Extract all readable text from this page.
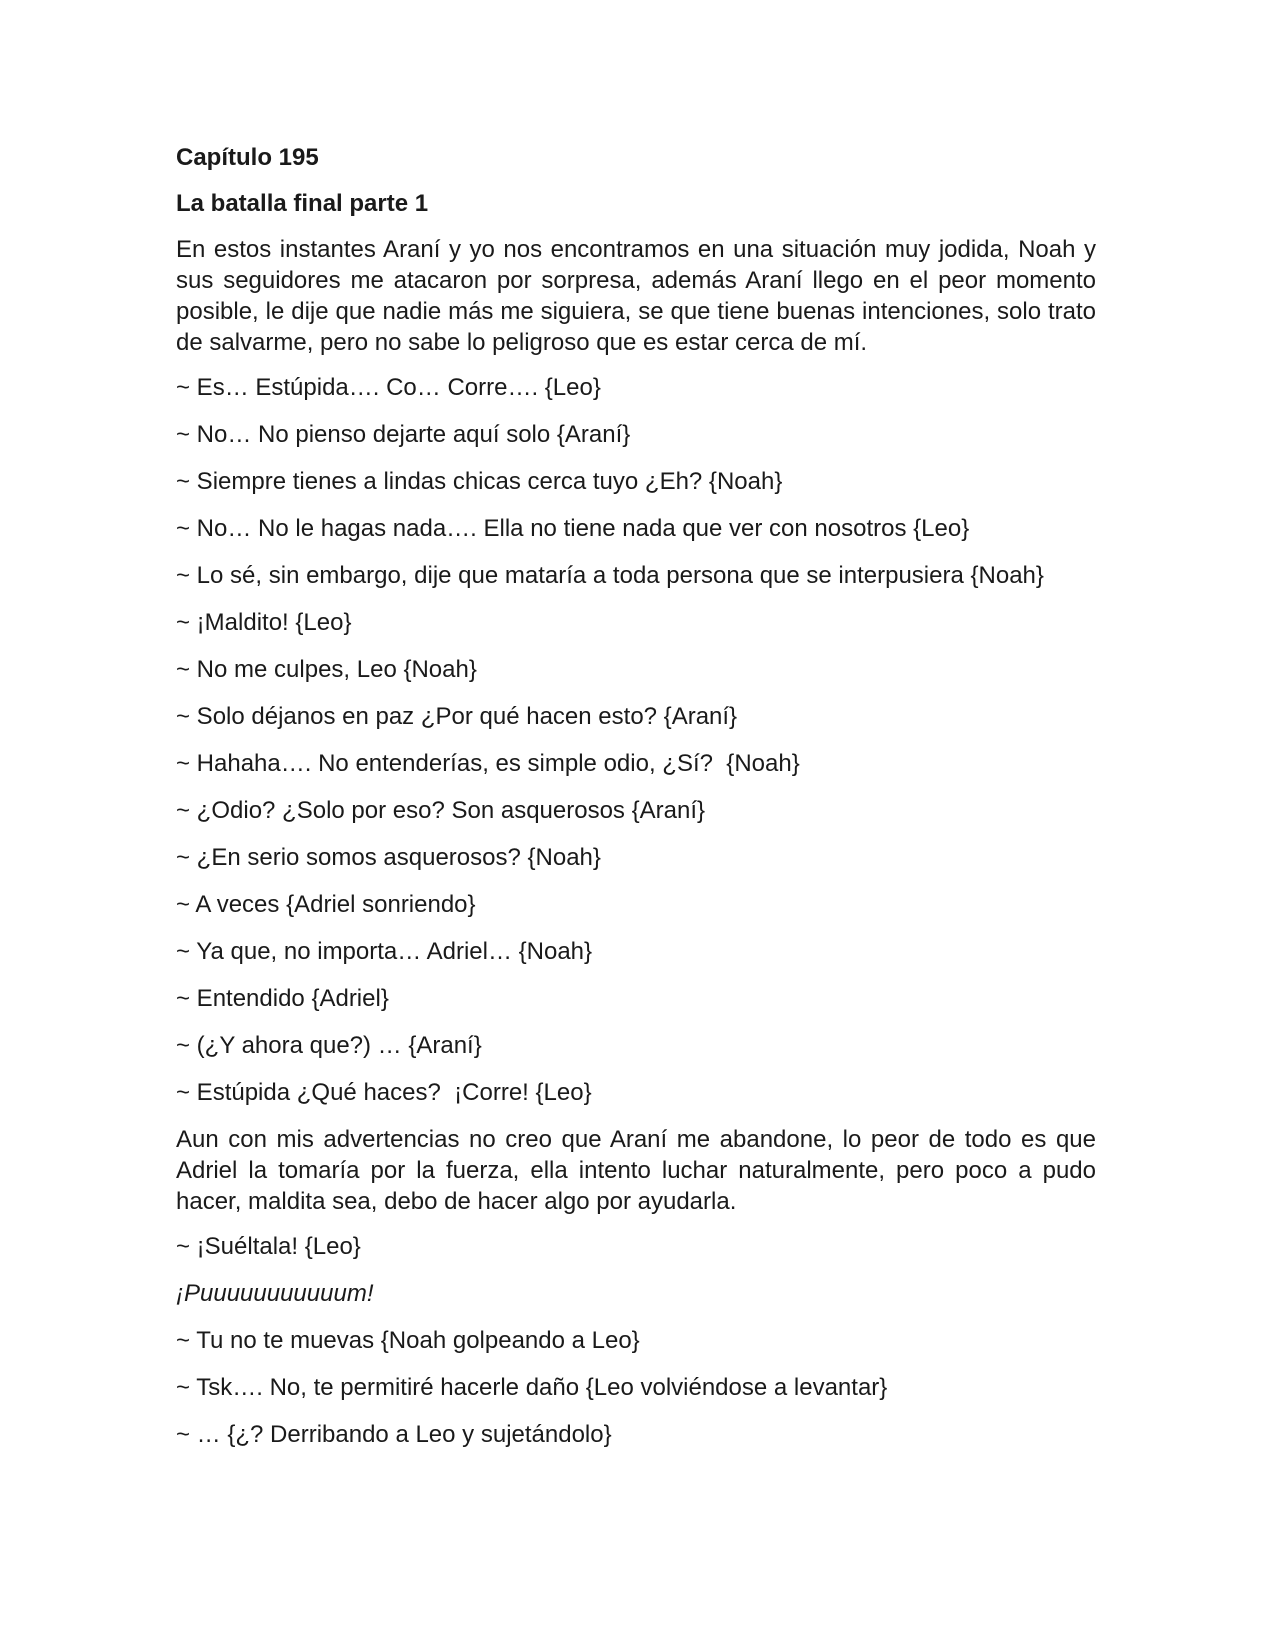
Capítulo 195
La batalla final parte 1
En estos instantes Araní y yo nos encontramos en una situación muy jodida, Noah y sus seguidores me atacaron por sorpresa, además Araní llego en el peor momento posible, le dije que nadie más me siguiera, se que tiene buenas intenciones, solo trato de salvarme, pero no sabe lo peligroso que es estar cerca de mí.
~ Es… Estúpida…. Co… Corre…. {Leo}
~ No… No pienso dejarte aquí solo {Araní}
~ Siempre tienes a lindas chicas cerca tuyo ¿Eh? {Noah}
~ No… No le hagas nada…. Ella no tiene nada que ver con nosotros {Leo}
~ Lo sé, sin embargo, dije que mataría a toda persona que se interpusiera {Noah}
~ ¡Maldito! {Leo}
~ No me culpes, Leo {Noah}
~ Solo déjanos en paz ¿Por qué hacen esto? {Araní}
~ Hahaha…. No entenderías, es simple odio, ¿Sí?  {Noah}
~ ¿Odio? ¿Solo por eso? Son asquerosos {Araní}
~ ¿En serio somos asquerosos? {Noah}
~ A veces {Adriel sonriendo}
~ Ya que, no importa… Adriel… {Noah}
~ Entendido {Adriel}
~ (¿Y ahora que?) … {Araní}
~ Estúpida ¿Qué haces?  ¡Corre! {Leo}
Aun con mis advertencias no creo que Araní me abandone, lo peor de todo es que Adriel la tomaría por la fuerza, ella intento luchar naturalmente, pero poco a pudo hacer, maldita sea, debo de hacer algo por ayudarla.
~ ¡Suéltala! {Leo}
¡Puuuuuuuuuuum!
~ Tu no te muevas {Noah golpeando a Leo}
~ Tsk…. No, te permitiré hacerle daño {Leo volviéndose a levantar}
~ … {¿? Derribando a Leo y sujetándolo}
